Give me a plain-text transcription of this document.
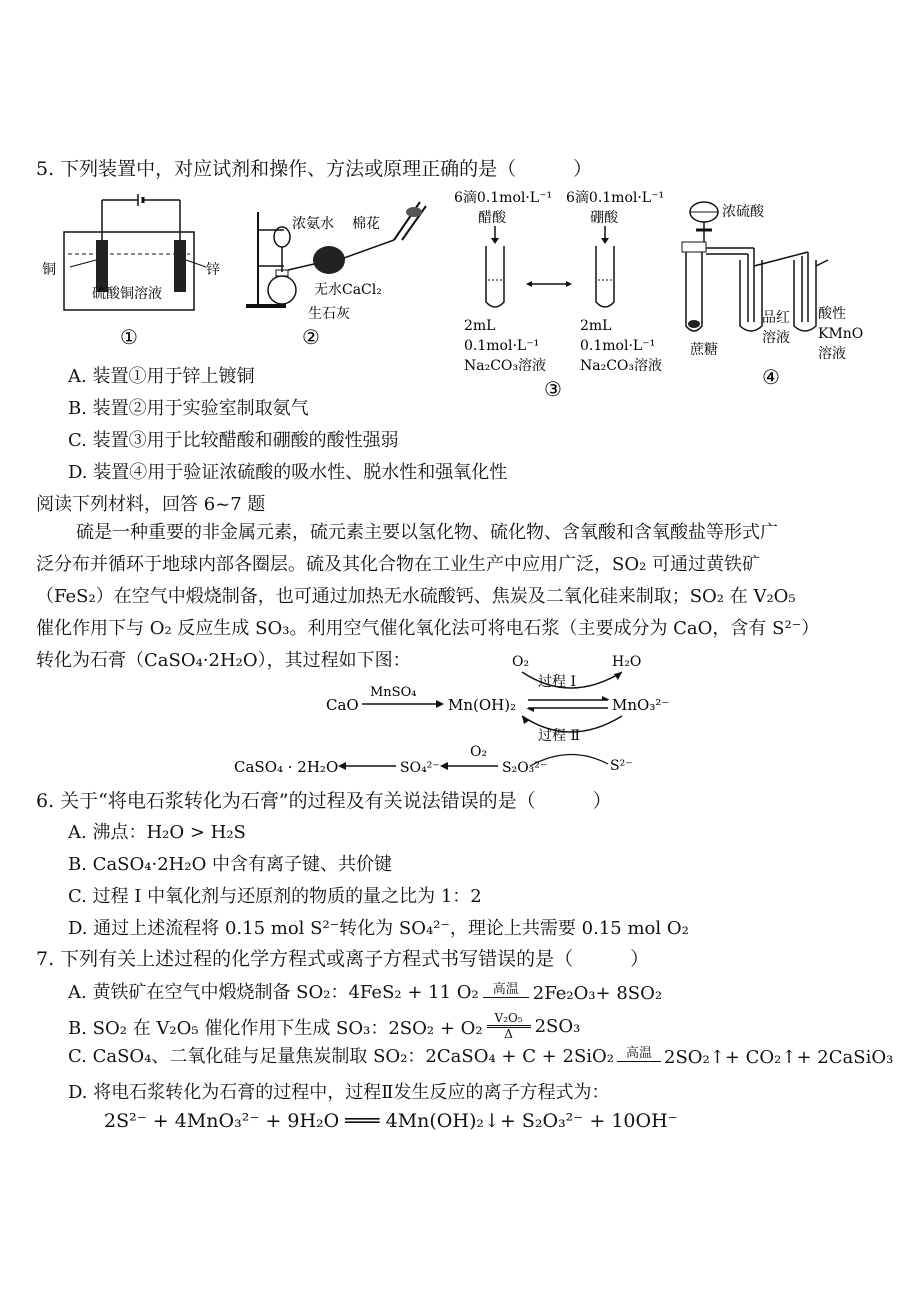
5. 下列装置中，对应试剂和操作、方法或原理正确的是（　　　）
铜	锌
硫酸铜溶液
①
浓氨水 棉花
无水CaCl₂
生石灰
②
6滴0.1mol·L⁻¹
醋酸
6滴0.1mol·L⁻¹
硼酸
2mL
0.1mol·L⁻¹
Na₂CO₃溶液
2mL
0.1mol·L⁻¹
Na₂CO₃溶液
③
浓硫酸
蔗糖
品红
溶液
酸性
KMnO
溶液
④
A. 装置①用于锌上镀铜
B. 装置②用于实验室制取氨气
C. 装置③用于比较醋酸和硼酸的酸性强弱
D. 装置④用于验证浓硫酸的吸水性、脱水性和强氧化性
阅读下列材料，回答 6~7 题
硫是一种重要的非金属元素，硫元素主要以氢化物、硫化物、含氧酸和含氧酸盐等形式广
泛分布并循环于地球内部各圈层。硫及其化合物在工业生产中应用广泛，SO₂ 可通过黄铁矿
（FeS₂）在空气中煅烧制备，也可通过加热无水硫酸钙、焦炭及二氧化硅来制取；SO₂ 在 V₂O₅
催化作用下与 O₂ 反应生成 SO₃。利用空气催化氧化法可将电石浆（主要成分为 CaO，含有 S²⁻）
转化为石膏（CaSO₄·2H₂O），其过程如下图：	O₂	H₂O
过程 Ⅰ
CaO
MnSO₄
Mn(OH)₂	MnO₃²⁻
过程 Ⅱ
O₂
S²⁻
S₂O₃²⁻
SO₄²⁻
CaSO₄ · 2H₂O
6. 关于“将电石浆转化为石膏”的过程及有关说法错误的是（　　　）
A. 沸点：H₂O > H₂S
B. CaSO₄·2H₂O 中含有离子键、共价键
C. 过程 I 中氧化剂与还原剂的物质的量之比为 1：2
D. 通过上述流程将 0.15 mol S²⁻转化为 SO₄²⁻，理论上共需要 0.15 mol O₂
7. 下列有关上述过程的化学方程式或离子方程式书写错误的是（　　　）
A. 黄铁矿在空气中煅烧制备 SO₂：4FeS₂ + 11 O₂ 高温 2Fe₂O₃+ 8SO₂
B. SO₂ 在 V₂O₅ 催化作用下生成 SO₃：2SO₂ + O₂ V₂O₅
Δ 2SO₃
C. CaSO₄、二氧化硅与足量焦炭制取 SO₂：2CaSO₄ + C + 2SiO₂ 高温 2SO₂↑+ CO₂↑+ 2CaSiO₃
D. 将电石浆转化为石膏的过程中，过程Ⅱ发生反应的离子方程式为：
2S²⁻ + 4MnO₃²⁻ + 9H₂O ═══ 4Mn(OH)₂↓+ S₂O₃²⁻ + 10OH⁻
